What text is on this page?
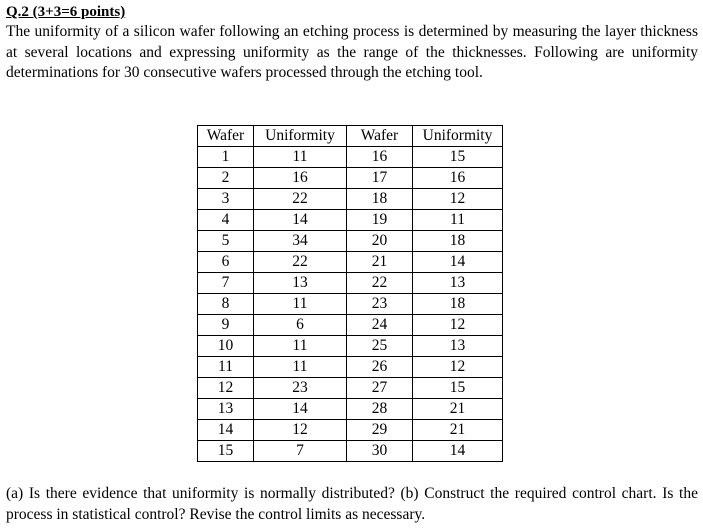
Q.2 (3+3=6 points)

The uniformity of a silicon wafer following an etching process is determined by measuring the layer thickness at several locations and expressing uniformity as the range of the thicknesses. Following are uniformity determinations for 30 consecutive wafers processed through the etching tool.

Wafer	Uniformity	Wafer	Uniformity
1	11	16	15
2	16	17	16
3	22	18	12
4	14	19	11
5	34	20	18
6	22	21	14
7	13	22	13
8	11	23	18
9	6	24	12
10	11	25	13
11	11	26	12
12	23	27	15
13	14	28	21
14	12	29	21
15	7	30	14

(a) Is there evidence that uniformity is normally distributed? (b) Construct the required control chart. Is the process in statistical control? Revise the control limits as necessary.
